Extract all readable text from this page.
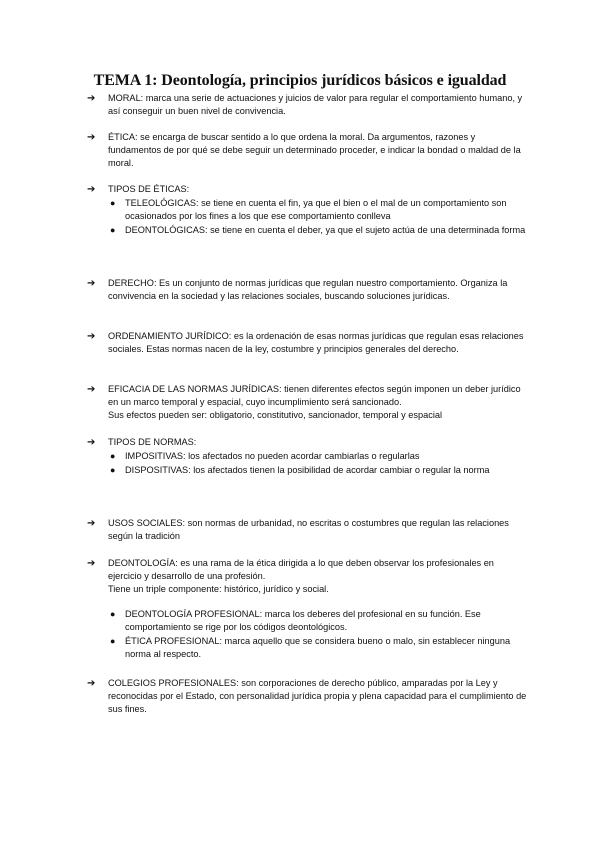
TEMA 1: Deontología, principios jurídicos básicos e igualdad
➔ MORAL: marca una serie de actuaciones y juicios de valor para regular el comportamiento humano, y así conseguir un buen nivel de convivencia.
➔ ÉTICA: se encarga de buscar sentido a lo que ordena la moral. Da argumentos, razones y fundamentos de por qué se debe seguir un determinado proceder, e indicar la bondad o maldad de la moral.
➔ TIPOS DE ÉTICAS:
● TELEOLÓGICAS: se tiene en cuenta el fin, ya que el bien o el mal de un comportamiento son ocasionados por los fines a los que ese comportamiento conlleva
● DEONTOLÓGICAS: se tiene en cuenta el deber, ya que el sujeto actúa de una determinada forma
➔ DERECHO: Es un conjunto de normas jurídicas que regulan nuestro comportamiento. Organiza la convivencia en la sociedad y las relaciones sociales, buscando soluciones jurídicas.
➔ ORDENAMIENTO JURÍDICO: es la ordenación de esas normas jurídicas que regulan esas relaciones sociales. Estas normas nacen de la ley, costumbre y principios generales del derecho.
➔ EFICACIA DE LAS NORMAS JURÍDICAS: tienen diferentes efectos según imponen un deber jurídico en un marco temporal y espacial, cuyo incumplimiento será sancionado.
Sus efectos pueden ser: obligatorio, constitutivo, sancionador, temporal y espacial
➔ TIPOS DE NORMAS:
● IMPOSITIVAS: los afectados no pueden acordar cambiarlas o regularlas
● DISPOSITIVAS: los afectados tienen la posibilidad de acordar cambiar o regular la norma
➔ USOS SOCIALES: son normas de urbanidad, no escritas o costumbres que regulan las relaciones según la tradición
➔ DEONTOLOGÍA: es una rama de la ética dirigida a lo que deben observar los profesionales en ejercicio y desarrollo de una profesión.
Tiene un triple componente: histórico, jurídico y social.
● DEONTOLOGÍA PROFESIONAL: marca los deberes del profesional en su función. Ese comportamiento se rige por los códigos deontológicos.
● ÉTICA PROFESIONAL: marca aquello que se considera bueno o malo, sin establecer ninguna norma al respecto.
➔ COLEGIOS PROFESIONALES: son corporaciones de derecho público, amparadas por la Ley y reconocidas por el Estado, con personalidad jurídica propia y plena capacidad para el cumplimiento de sus fines.
